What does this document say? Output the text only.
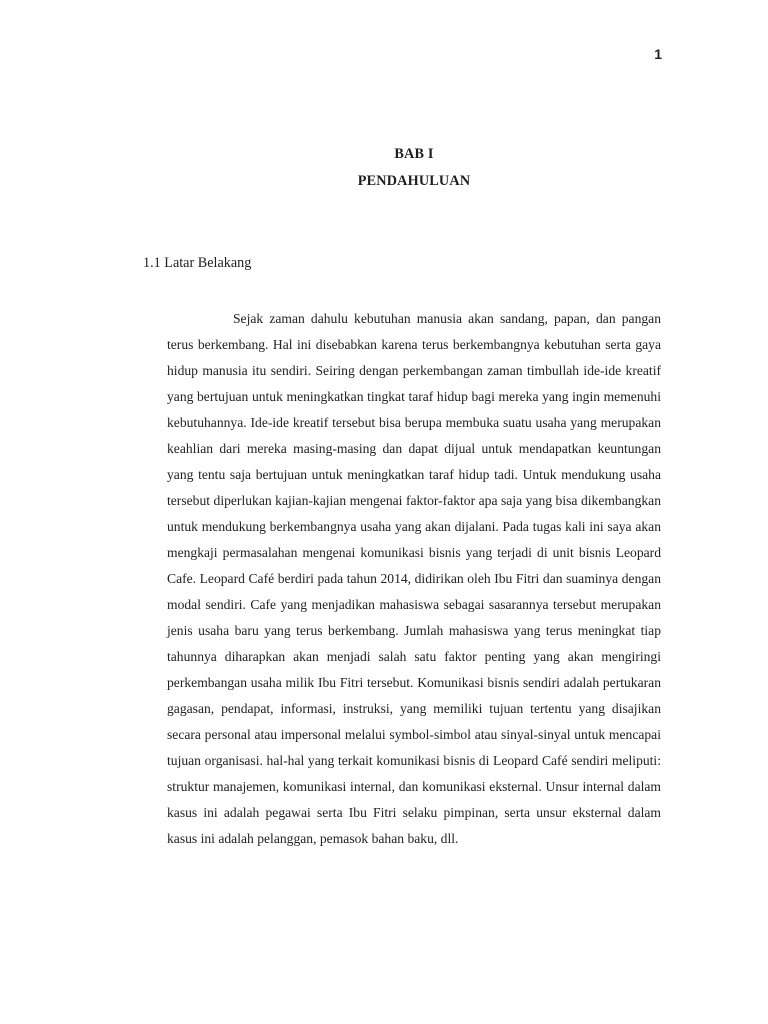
1
BAB I
PENDAHULUAN
1.1 Latar Belakang

Sejak zaman dahulu kebutuhan manusia akan sandang, papan, dan pangan terus berkembang. Hal ini disebabkan karena terus berkembangnya kebutuhan serta gaya hidup manusia itu sendiri. Seiring dengan perkembangan zaman timbullah ide-ide kreatif yang bertujuan untuk meningkatkan tingkat taraf hidup bagi mereka yang ingin memenuhi kebutuhannya. Ide-ide kreatif tersebut bisa berupa membuka suatu usaha yang merupakan keahlian dari mereka masing-masing dan dapat dijual untuk mendapatkan keuntungan yang tentu saja bertujuan untuk meningkatkan taraf hidup tadi. Untuk mendukung usaha tersebut diperlukan kajian-kajian mengenai faktor-faktor apa saja yang bisa dikembangkan untuk mendukung berkembangnya usaha yang akan dijalani. Pada tugas kali ini saya akan mengkaji permasalahan mengenai komunikasi bisnis yang terjadi di unit bisnis Leopard Cafe. Leopard Café berdiri pada tahun 2014, didirikan oleh Ibu Fitri dan suaminya dengan modal sendiri. Cafe yang menjadikan mahasiswa sebagai sasarannya tersebut merupakan jenis usaha baru yang terus berkembang. Jumlah mahasiswa yang terus meningkat tiap tahunnya diharapkan akan menjadi salah satu faktor penting yang akan mengiringi perkembangan usaha milik Ibu Fitri tersebut. Komunikasi bisnis sendiri adalah pertukaran gagasan, pendapat, informasi, instruksi, yang memiliki tujuan tertentu yang disajikan secara personal atau impersonal melalui symbol-simbol atau sinyal-sinyal untuk mencapai tujuan organisasi. hal-hal yang terkait komunikasi bisnis di Leopard Café sendiri meliputi: struktur manajemen, komunikasi internal, dan komunikasi eksternal. Unsur internal dalam kasus ini adalah pegawai serta Ibu Fitri selaku pimpinan, serta unsur eksternal dalam kasus ini adalah pelanggan, pemasok bahan baku, dll.
